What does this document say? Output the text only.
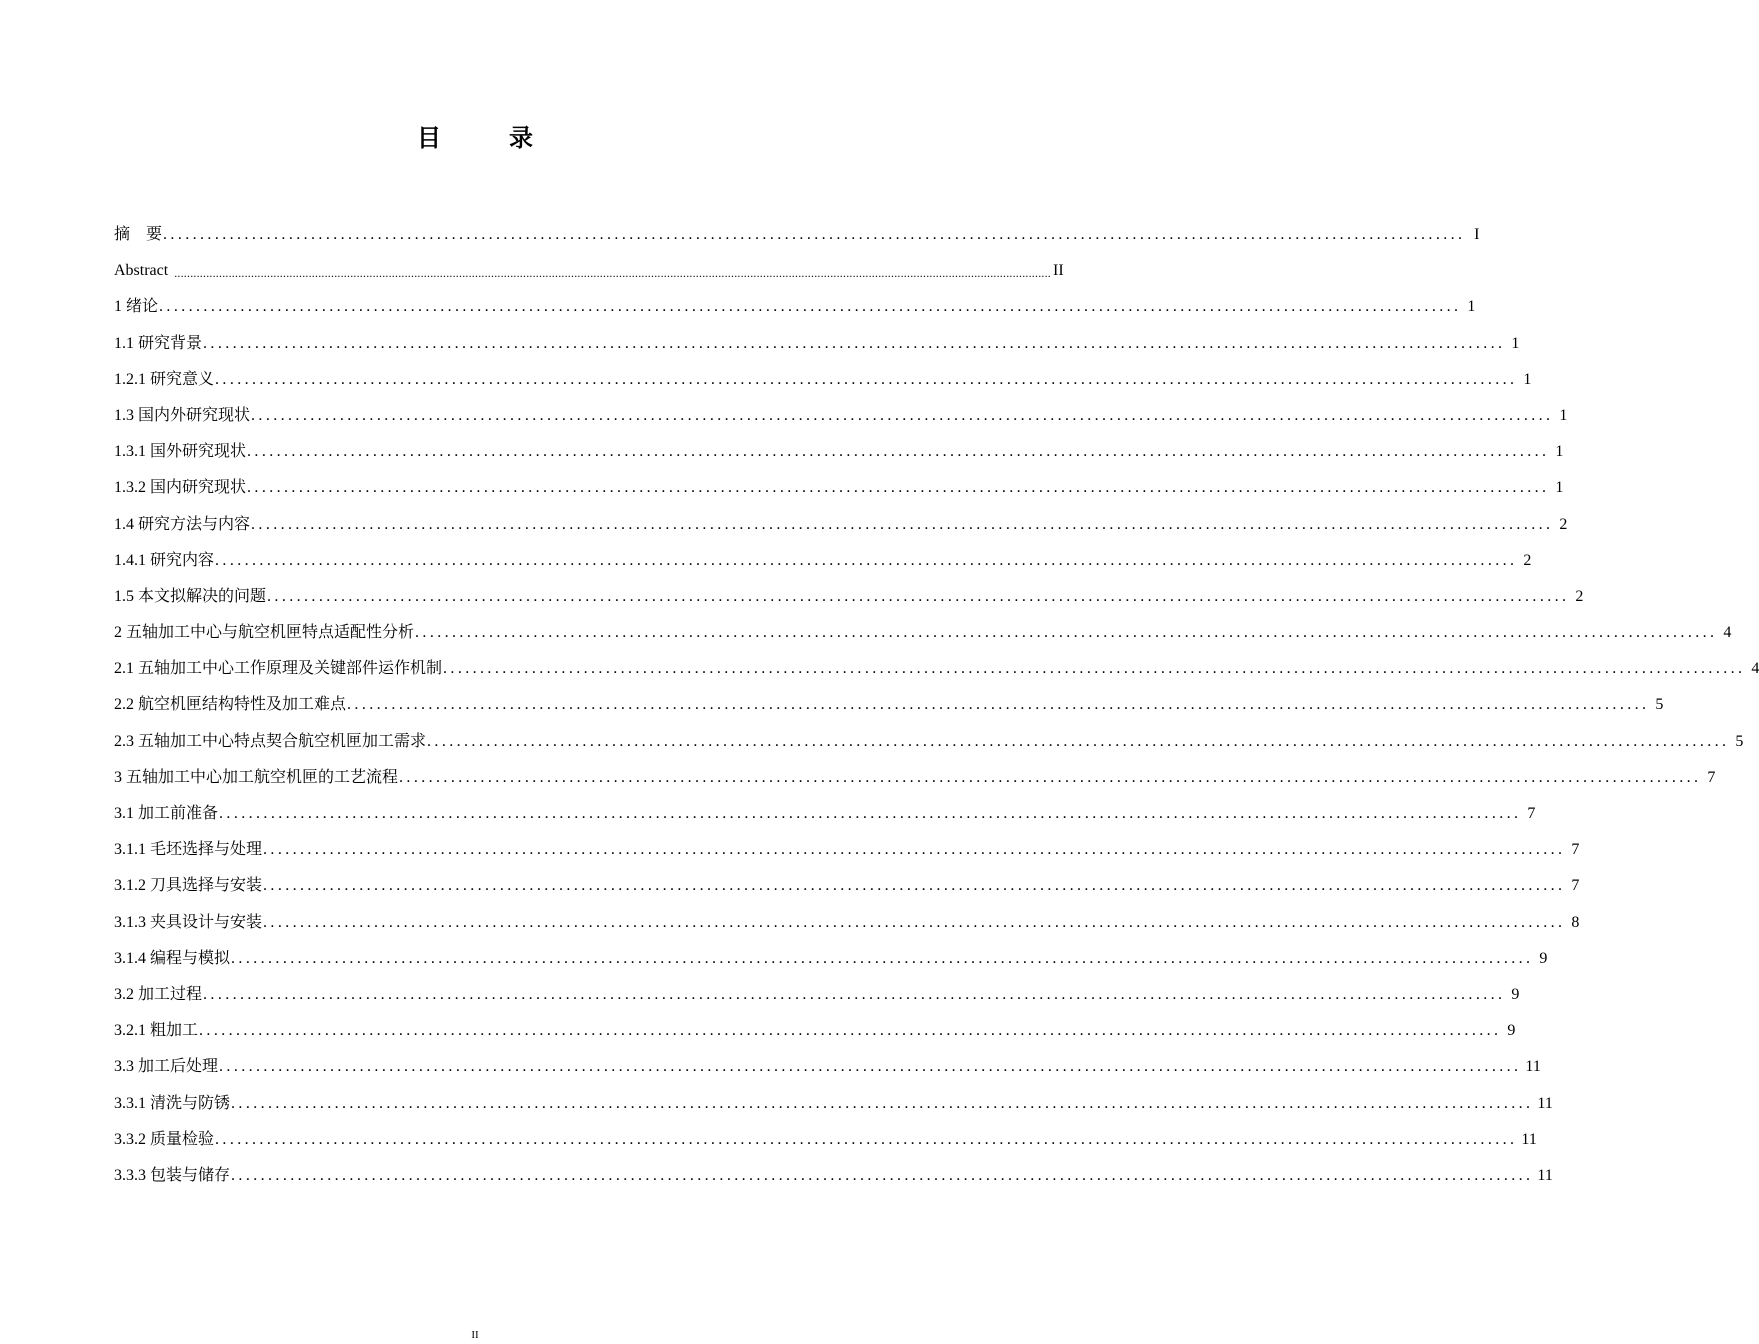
目　录
摘　要 ................................................................................................................................................................................ I
Abstract .................................................................................................................................................................................................................................................................................. II
1 绪论 ................................................................................................................................................................................ 1
1.1 研究背景 ................................................................................................................................................................................ 1
1.2.1 研究意义 ................................................................................................................................................................................ 1
1.3 国内外研究现状 ................................................................................................................................................................................ 1
1.3.1 国外研究现状 ................................................................................................................................................................................ 1
1.3.2 国内研究现状 ................................................................................................................................................................................ 1
1.4 研究方法与内容 ................................................................................................................................................................................ 2
1.4.1 研究内容 ................................................................................................................................................................................ 2
1.5 本文拟解决的问题 ................................................................................................................................................................................ 2
2 五轴加工中心与航空机匣特点适配性分析 ................................................................................................................................................................................ 4
2.1 五轴加工中心工作原理及关键部件运作机制 ................................................................................................................................................................................ 4
2.2 航空机匣结构特性及加工难点 ................................................................................................................................................................................ 5
2.3 五轴加工中心特点契合航空机匣加工需求 ................................................................................................................................................................................ 5
3 五轴加工中心加工航空机匣的工艺流程 ................................................................................................................................................................................ 7
3.1 加工前准备 ................................................................................................................................................................................ 7
3.1.1 毛坯选择与处理 ................................................................................................................................................................................ 7
3.1.2 刀具选择与安装 ................................................................................................................................................................................ 7
3.1.3 夹具设计与安装 ................................................................................................................................................................................ 8
3.1.4 编程与模拟 ................................................................................................................................................................................ 9
3.2 加工过程 ................................................................................................................................................................................ 9
3.2.1 粗加工 ................................................................................................................................................................................ 9
3.3 加工后处理 ................................................................................................................................................................................ 11
3.3.1 清洗与防锈 ................................................................................................................................................................................ 11
3.3.2 质量检验 ................................................................................................................................................................................ 11
3.3.3 包装与储存 ................................................................................................................................................................................ 11
II
